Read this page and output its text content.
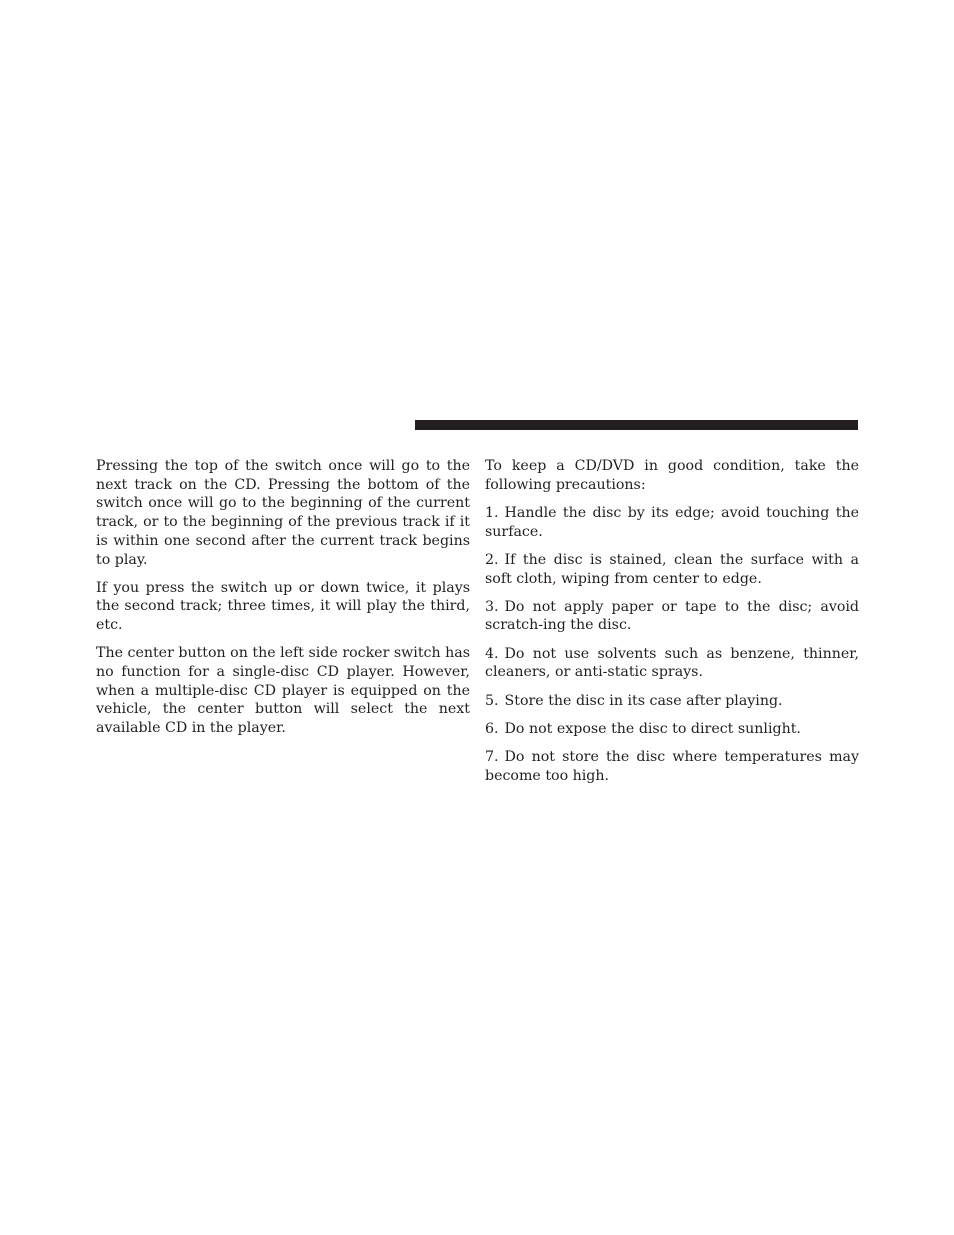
Pressing the top of the switch once will go to the next track on the CD. Pressing the bottom of the switch once will go to the beginning of the current track, or to the beginning of the previous track if it is within one second after the current track begins to play.

If you press the switch up or down twice, it plays the second track; three times, it will play the third, etc.

The center button on the left side rocker switch has no function for a single-disc CD player. However, when a multiple-disc CD player is equipped on the vehicle, the center button will select the next available CD in the player.

To keep a CD/DVD in good condition, take the following precautions:

1. Handle the disc by its edge; avoid touching the surface.

2. If the disc is stained, clean the surface with a soft cloth, wiping from center to edge.

3. Do not apply paper or tape to the disc; avoid scratch-ing the disc.

4. Do not use solvents such as benzene, thinner, cleaners, or anti-static sprays.

5. Store the disc in its case after playing.

6. Do not expose the disc to direct sunlight.

7. Do not store the disc where temperatures may become too high.
